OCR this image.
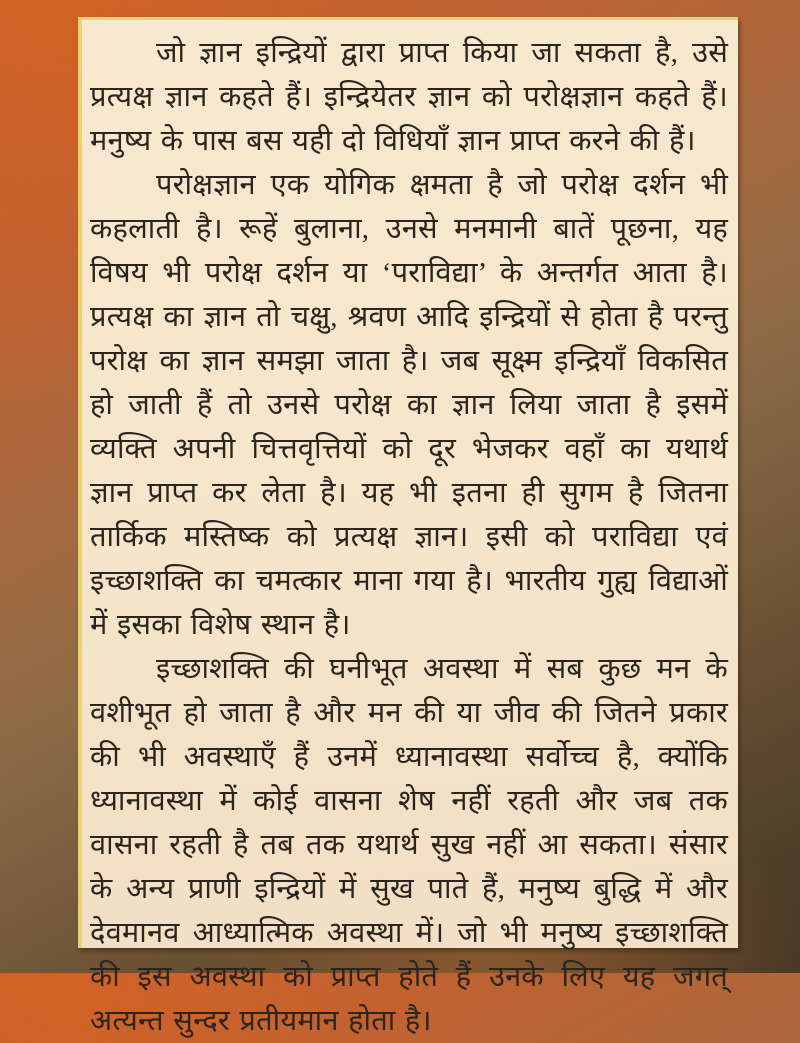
जो ज्ञान इन्द्रियों द्वारा प्राप्त किया जा सकता है, उसे प्रत्यक्ष ज्ञान कहते हैं। इन्द्रियेतर ज्ञान को परोक्षज्ञान कहते हैं। मनुष्य के पास बस यही दो विधियाँ ज्ञान प्राप्त करने की हैं।

परोक्षज्ञान एक योगिक क्षमता है जो परोक्ष दर्शन भी कहलाती है। रूहें बुलाना, उनसे मनमानी बातें पूछना, यह विषय भी परोक्ष दर्शन या ‘पराविद्या’ के अन्तर्गत आता है। प्रत्यक्ष का ज्ञान तो चक्षु, श्रवण आदि इन्द्रियों से होता है परन्तु परोक्ष का ज्ञान समझा जाता है। जब सूक्ष्म इन्द्रियाँ विकसित हो जाती हैं तो उनसे परोक्ष का ज्ञान लिया जाता है इसमें व्यक्ति अपनी चित्तवृत्तियों को दूर भेजकर वहाँ का यथार्थ ज्ञान प्राप्त कर लेता है। यह भी इतना ही सुगम है जितना तार्किक मस्तिष्क को प्रत्यक्ष ज्ञान। इसी को पराविद्या एवं इच्छाशक्ति का चमत्कार माना गया है। भारतीय गुह्य विद्याओं में इसका विशेष स्थान है।

इच्छाशक्ति की घनीभूत अवस्था में सब कुछ मन के वशीभूत हो जाता है और मन की या जीव की जितने प्रकार की भी अवस्थाएँ हैं उनमें ध्यानावस्था सर्वोच्च है, क्योंकि ध्यानावस्था में कोई वासना शेष नहीं रहती और जब तक वासना रहती है तब तक यथार्थ सुख नहीं आ सकता। संसार के अन्य प्राणी इन्द्रियों में सुख पाते हैं, मनुष्य बुद्धि में और देवमानव आध्यात्मिक अवस्था में। जो भी मनुष्य इच्छाशक्ति की इस अवस्था को प्राप्त होते हैं उनके लिए यह जगत् अत्यन्त सुन्दर प्रतीयमान होता है।
